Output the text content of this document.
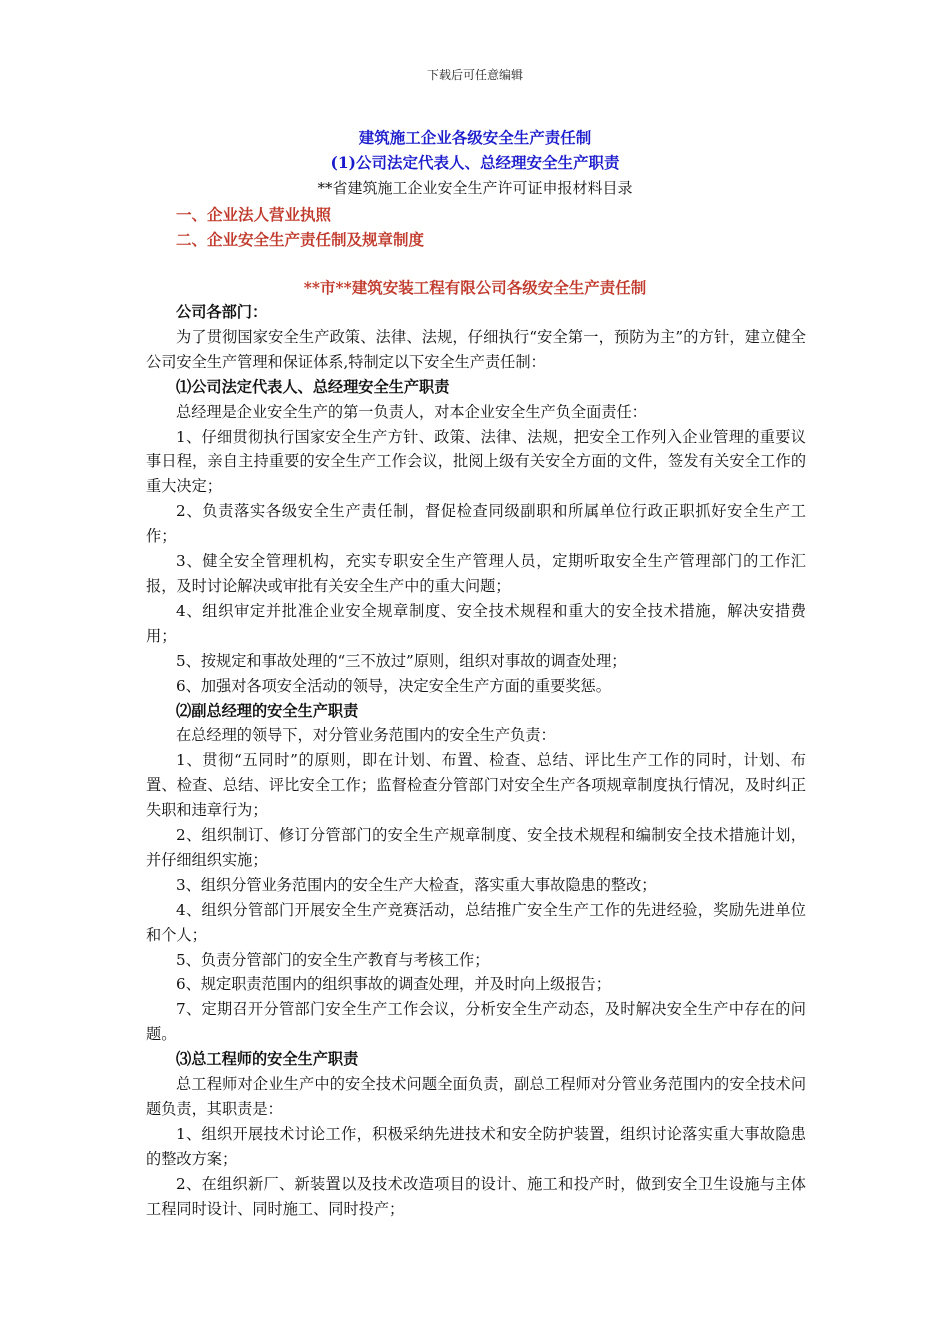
下载后可任意编辑
建筑施工企业各级安全生产责任制
(1)公司法定代表人、总经理安全生产职责
**省建筑施工企业安全生产许可证申报材料目录
一、企业法人营业执照
二、企业安全生产责任制及规章制度
**市**建筑安装工程有限公司各级安全生产责任制

公司各部门：

为了贯彻国家安全生产政策、法律、法规，仔细执行“安全第一，预防为主”的方针，建立健全公司安全生产管理和保证体系,特制定以下安全生产责任制：

⑴公司法定代表人、总经理安全生产职责

总经理是企业安全生产的第一负责人，对本企业安全生产负全面责任：

1、仔细贯彻执行国家安全生产方针、政策、法律、法规，把安全工作列入企业管理的重要议事日程，亲自主持重要的安全生产工作会议，批阅上级有关安全方面的文件，签发有关安全工作的重大决定；

2、负责落实各级安全生产责任制，督促检查同级副职和所属单位行政正职抓好安全生产工作；

3、健全安全管理机构，充实专职安全生产管理人员，定期听取安全生产管理部门的工作汇报，及时讨论解决或审批有关安全生产中的重大问题；

4、组织审定并批准企业安全规章制度、安全技术规程和重大的安全技术措施，解决安措费用；

5、按规定和事故处理的“三不放过”原则，组织对事故的调查处理；

6、加强对各项安全活动的领导，决定安全生产方面的重要奖惩。

⑵副总经理的安全生产职责

在总经理的领导下，对分管业务范围内的安全生产负责：

1、贯彻“五同时”的原则，即在计划、布置、检查、总结、评比生产工作的同时，计划、布置、检查、总结、评比安全工作；监督检查分管部门对安全生产各项规章制度执行情况，及时纠正失职和违章行为；

2、组织制订、修订分管部门的安全生产规章制度、安全技术规程和编制安全技术措施计划，并仔细组织实施；

3、组织分管业务范围内的安全生产大检查，落实重大事故隐患的整改；

4、组织分管部门开展安全生产竞赛活动，总结推广安全生产工作的先进经验，奖励先进单位和个人；

5、负责分管部门的安全生产教育与考核工作；

6、规定职责范围内的组织事故的调查处理，并及时向上级报告；

7、定期召开分管部门安全生产工作会议，分析安全生产动态，及时解决安全生产中存在的问题。

⑶总工程师的安全生产职责

总工程师对企业生产中的安全技术问题全面负责，副总工程师对分管业务范围内的安全技术问题负责，其职责是：

1、组织开展技术讨论工作，积极采纳先进技术和安全防护装置，组织讨论落实重大事故隐患的整改方案；

2、在组织新厂、新装置以及技术改造项目的设计、施工和投产时，做到安全卫生设施与主体工程同时设计、同时施工、同时投产；
